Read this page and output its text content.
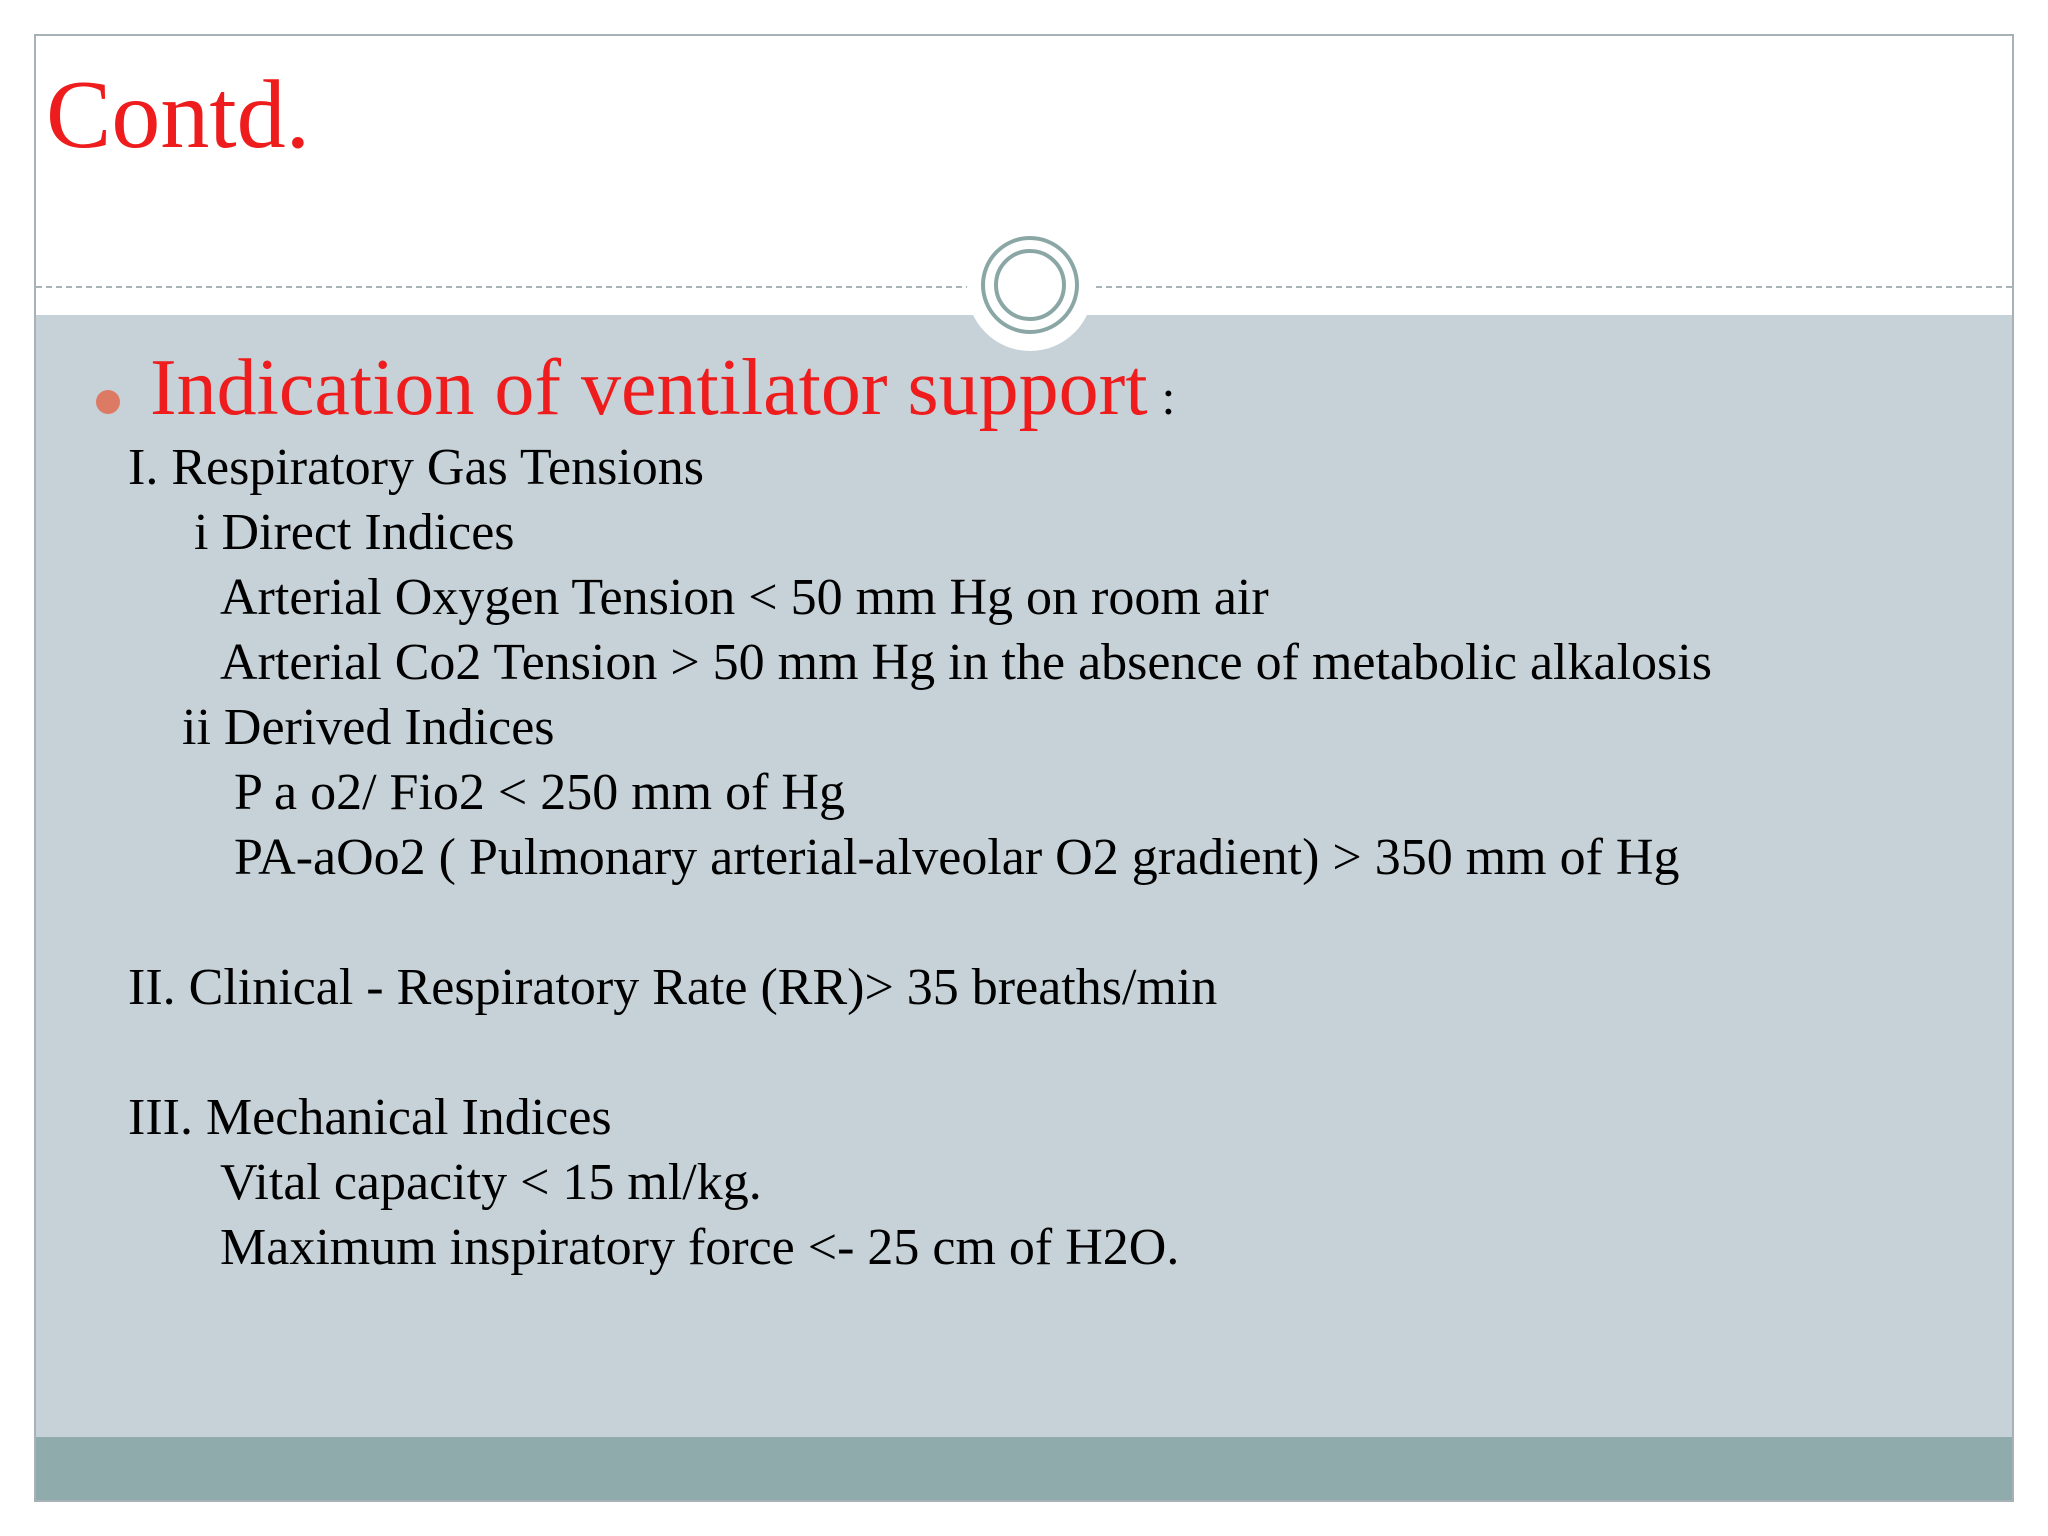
Contd.
Indication of ventilator support :
I. Respiratory Gas Tensions
i Direct Indices
Arterial Oxygen Tension < 50 mm Hg on room air
Arterial Co2 Tension > 50 mm Hg in the absence of metabolic alkalosis
ii Derived Indices
P a o2/ Fio2 < 250 mm of Hg
PA-aOo2 ( Pulmonary arterial-alveolar O2 gradient) > 350 mm of Hg
II. Clinical - Respiratory Rate (RR)> 35 breaths/min
III. Mechanical Indices
Vital capacity < 15 ml/kg.
Maximum inspiratory force <- 25 cm of H2O.
